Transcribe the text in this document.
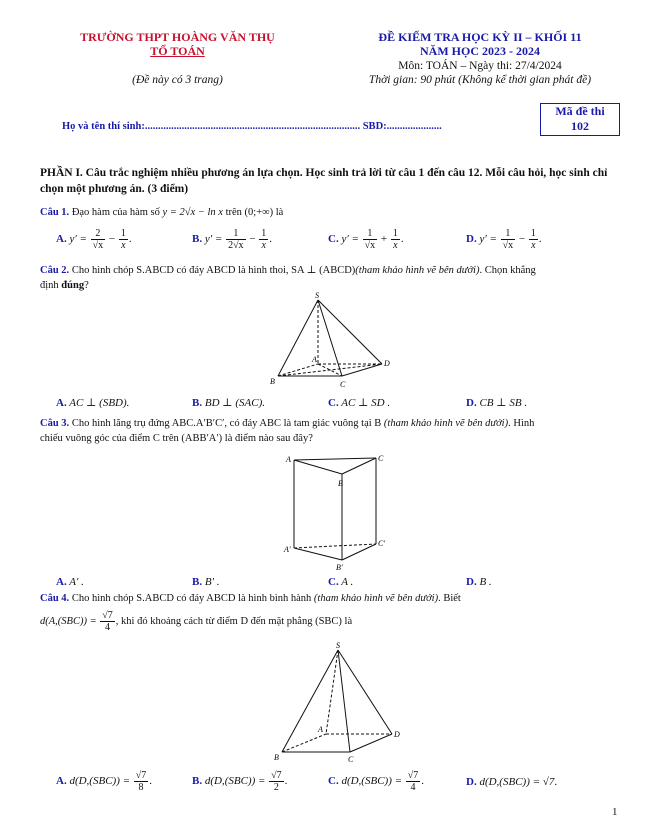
TRƯỜNG THPT HOÀNG VĂN THỤ
TỔ TOÁN
(Đề này có 3 trang)
ĐỀ KIỂM TRA HỌC KỲ II – KHỐI 11
NĂM HỌC 2023 - 2024
Môn: TOÁN – Ngày thi: 27/4/2024
Thời gian: 90 phút (Không kể thời gian phát đề)
Mã đề thi
102
Họ và tên thí sinh:.................................................................................. SBD:.....................
PHẦN I. Câu trắc nghiệm nhiều phương án lựa chọn. Học sinh trả lời từ câu 1 đến câu 12. Mỗi câu hỏi, học sinh chỉ chọn một phương án. (3 điểm)
Câu 1. Đạo hàm của hàm số y = 2√x − ln x trên (0;+∞) là
A. $y' = \frac{2}{√x} - \frac{1}{x}$ .	B. $y' = \frac{1}{2√x} - \frac{1}{x}$ .	C. $y' = \frac{1}{√x} + \frac{1}{x}$ .	D. $y' = \frac{1}{√x} - \frac{1}{x}$ .
Câu 2. Cho hình chóp S.ABCD có đáy ABCD là hình thoi, SA ⊥ (ABCD)(tham khảo hình vẽ bên dưới). Chọn khẳng
định đúng?
S
A
B	C
D
A. AC ⊥ (SBD).	B. BD ⊥ (SAC).	C. AC ⊥ SD .	D. CB ⊥ SB .
Câu 3. Cho hình lăng trụ đứng ABC.A′B′C′, có đáy ABC là tam giác vuông tại B (tham khảo hình vẽ bên dưới). Hình
chiếu vuông góc của điểm C trên (ABB′A′) là điểm nào sau đây?
A	C
B
A′
C′
B′
A. A′ .	B. B′ .	C. A .	D. B .
Câu 4. Cho hình chóp S.ABCD có đáy ABCD là hình bình hành (tham khảo hình vẽ bên dưới). Biết
$d(A,(SBC)) = \frac{√7}{4}$ , khi đó khoảng cách từ điểm D đến mặt phẳng (SBC) là
S
A
B	C
D
A. $d(D,(SBC)) = \frac{√7}{8}$ .	B. $d(D,(SBC)) = \frac{√7}{2}$ .	C. $d(D,(SBC)) = \frac{√7}{4}$ .	D. d(D,(SBC)) = √7.
1
